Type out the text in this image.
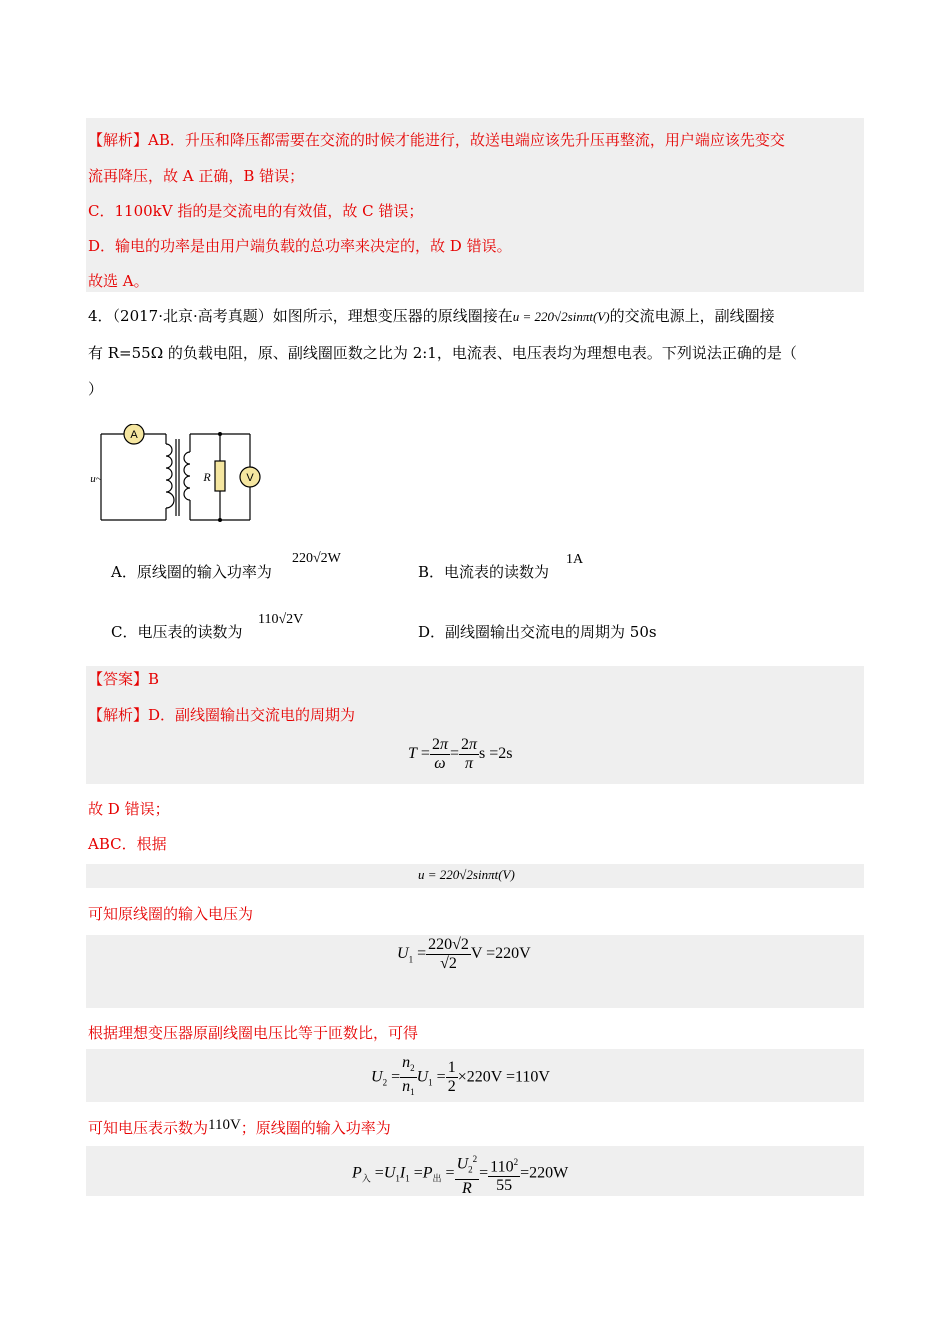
【解析】AB．升压和降压都需要在交流的时候才能进行，故送电端应该先升压再整流，用户端应该先变交
流再降压，故 A 正确，B 错误；
C．1100kV 指的是交流电的有效值，故 C 错误；
D．输电的功率是由用户端负载的总功率来决定的，故 D 错误。
故选 A。
4．（2017·北京·高考真题）如图所示，理想变压器的原线圈接在u = 220√2sinπt(V)的交流电源上，副线圈接
有 R=55Ω 的负载电阻，原、副线圈匝数之比为 2:1，电流表、电压表均为理想电表。下列说法正确的是（
）
A
V
R
u~
A．原线圈的输入功率为
220√2W
B．电流表的读数为
1A
C．电压表的读数为
110√2V
D．副线圈输出交流电的周期为 50s
【答案】B
【解析】D．副线圈输出交流电的周期为
$T = \frac{2\pi}{\omega} = \frac{2\pi}{\pi}$ s =2s
故 D 错误；
ABC．根据
u = 220√2sinπt(V)
可知原线圈的输入电压为
$U_1 = \frac{220√2}{√2}$ V =220V
根据理想变压器原副线圈电压比等于匝数比，可得
$U_2 = \frac{n_2}{n_1} U_1 = \frac{1}{2} \times 220V =110V$
可知电压表示数为110V；原线圈的输入功率为
$P_入 =U_1I_1 =P_出 = \frac{U_2^2}{R} = \frac{110^2}{55} =220W$
